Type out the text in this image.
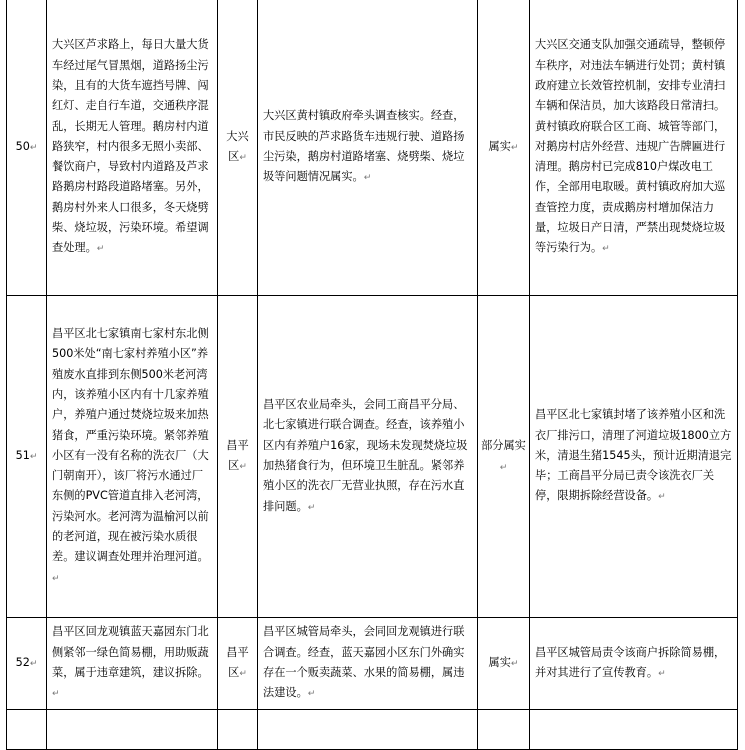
50↵	大兴区芦求路上，每日大量大货车经过尾气冒黑烟，道路扬尘污染，且有的大货车遮挡号牌、闯红灯、走自行车道，交通秩序混乱，长期无人管理。鹅房村内道路狭窄，村内很多无照小卖部、餐饮商户，导致村内道路及芦求路鹅房村路段道路堵塞。另外，鹅房村外来人口很多，冬天烧劈柴、烧垃圾，污染环境。希望调查处理。↵	大兴区↵	大兴区黄村镇政府牵头调查核实。经查，市民反映的芦求路货车违规行驶、道路扬尘污染，鹅房村道路堵塞、烧劈柴、烧垃圾等问题情况属实。↵	属实↵	大兴区交通支队加强交通疏导，整顿停车秩序，对违法车辆进行处罚；黄村镇政府建立长效管控机制，安排专业清扫车辆和保洁员，加大该路段日常清扫。黄村镇政府联合区工商、城管等部门，对鹅房村店外经营、违规广告牌匾进行清理。鹅房村已完成810户煤改电工作，全部用电取暖。黄村镇政府加大巡查管控力度，责成鹅房村增加保洁力量，垃圾日产日清，严禁出现焚烧垃圾等污染行为。↵
51↵	昌平区北七家镇南七家村东北侧500米处“南七家村养殖小区”养殖废水直排到东侧500米老河湾内，该养殖小区内有十几家养殖户，养殖户通过焚烧垃圾来加热猪食，严重污染环境。紧邻养殖小区有一没有名称的洗衣厂（大门朝南开），该厂将污水通过厂东侧的PVC管道直排入老河湾，污染河水。老河湾为温榆河以前的老河道，现在被污染水质很差。建议调查处理并治理河道。↵	昌平区↵	昌平区农业局牵头，会同工商昌平分局、北七家镇进行联合调查。经查，该养殖小区内有养殖户16家，现场未发现焚烧垃圾加热猪食行为，但环境卫生脏乱。紧邻养殖小区的洗衣厂无营业执照，存在污水直排问题。↵	部分属实↵	昌平区北七家镇封堵了该养殖小区和洗衣厂排污口，清理了河道垃圾1800立方米，清退生猪1545头，预计近期清退完毕；工商昌平分局已责令该洗衣厂关停，限期拆除经营设备。↵
52↵	昌平区回龙观镇蓝天嘉园东门北侧紧邻一绿色简易棚，用助贩蔬菜，属于违章建筑，建议拆除。↵	昌平区↵	昌平区城管局牵头，会同回龙观镇进行联合调查。经查，蓝天嘉园小区东门外确实存在一个贩卖蔬菜、水果的简易棚，属违法建设。↵	属实↵	昌平区城管局责令该商户拆除简易棚，并对其进行了宣传教育。↵
